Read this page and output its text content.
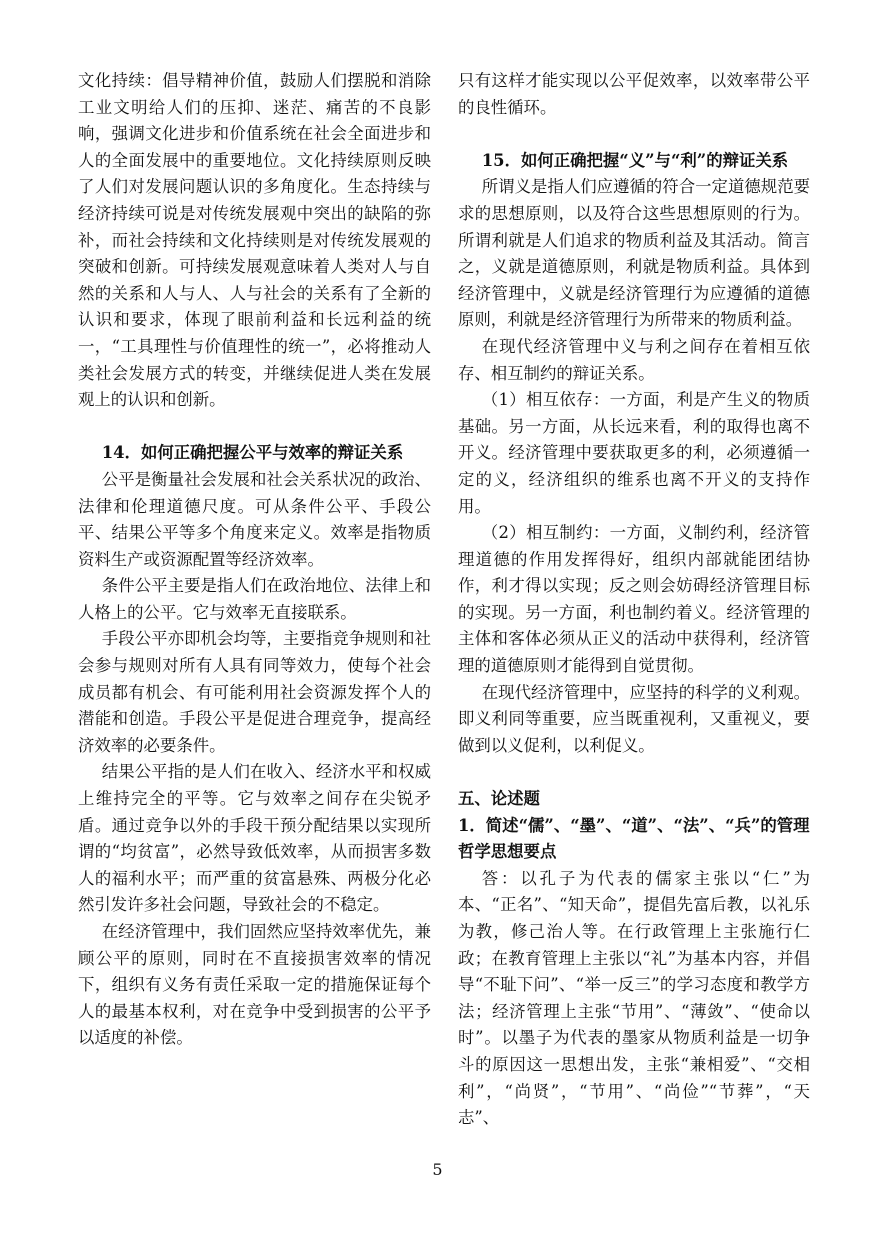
文化持续：倡导精神价值，鼓励人们摆脱和消除工业文明给人们的压抑、迷茫、痛苦的不良影响，强调文化进步和价值系统在社会全面进步和人的全面发展中的重要地位。文化持续原则反映了人们对发展问题认识的多角度化。生态持续与经济持续可说是对传统发展观中突出的缺陷的弥补，而社会持续和文化持续则是对传统发展观的突破和创新。可持续发展观意味着人类对人与自然的关系和人与人、人与社会的关系有了全新的认识和要求，体现了眼前利益和长远利益的统一，“工具理性与价值理性的统一”，必将推动人类社会发展方式的转变，并继续促进人类在发展观上的认识和创新。

14．如何正确把握公平与效率的辩证关系

公平是衡量社会发展和社会关系状况的政治、法律和伦理道德尺度。可从条件公平、手段公平、结果公平等多个角度来定义。效率是指物质资料生产或资源配置等经济效率。

条件公平主要是指人们在政治地位、法律上和人格上的公平。它与效率无直接联系。

手段公平亦即机会均等，主要指竞争规则和社会参与规则对所有人具有同等效力，使每个社会成员都有机会、有可能利用社会资源发挥个人的潜能和创造。手段公平是促进合理竞争，提高经济效率的必要条件。

结果公平指的是人们在收入、经济水平和权威上维持完全的平等。它与效率之间存在尖锐矛盾。通过竞争以外的手段干预分配结果以实现所谓的“均贫富”，必然导致低效率，从而损害多数人的福利水平；而严重的贫富悬殊、两极分化必然引发许多社会问题，导致社会的不稳定。

在经济管理中，我们固然应坚持效率优先，兼顾公平的原则，同时在不直接损害效率的情况下，组织有义务有责任采取一定的措施保证每个人的最基本权利，对在竞争中受到损害的公平予以适度的补偿。

只有这样才能实现以公平促效率，以效率带公平的良性循环。

15．如何正确把握“义”与“利”的辩证关系

所谓义是指人们应遵循的符合一定道德规范要求的思想原则，以及符合这些思想原则的行为。所谓利就是人们追求的物质利益及其活动。简言之，义就是道德原则，利就是物质利益。具体到经济管理中，义就是经济管理行为应遵循的道德原则，利就是经济管理行为所带来的物质利益。

在现代经济管理中义与利之间存在着相互依存、相互制约的辩证关系。

（1）相互依存：一方面，利是产生义的物质基础。另一方面，从长远来看，利的取得也离不开义。经济管理中要获取更多的利，必须遵循一定的义，经济组织的维系也离不开义的支持作用。

（2）相互制约：一方面，义制约利，经济管理道德的作用发挥得好，组织内部就能团结协作，利才得以实现；反之则会妨碍经济管理目标的实现。另一方面，利也制约着义。经济管理的主体和客体必须从正义的活动中获得利，经济管理的道德原则才能得到自觉贯彻。

在现代经济管理中，应坚持的科学的义利观。即义利同等重要，应当既重视利，又重视义，要做到以义促利，以利促义。

五、论述题
1．简述“儒”、“墨”、“道”、“法”、“兵”的管理哲学思想要点

答：以孔子为代表的儒家主张以“仁”为本、“正名”、“知天命”，提倡先富后教，以礼乐为教，修己治人等。在行政管理上主张施行仁政；在教育管理上主张以“礼”为基本内容，并倡导“不耻下问”、“举一反三”的学习态度和教学方法；经济管理上主张“节用”、“薄敛”、“使命以时”。以墨子为代表的墨家从物质利益是一切争斗的原因这一思想出发，主张“兼相爱”、“交相利”，“尚贤”，“节用”、“尚俭”“节葬”，“天志”、

5
